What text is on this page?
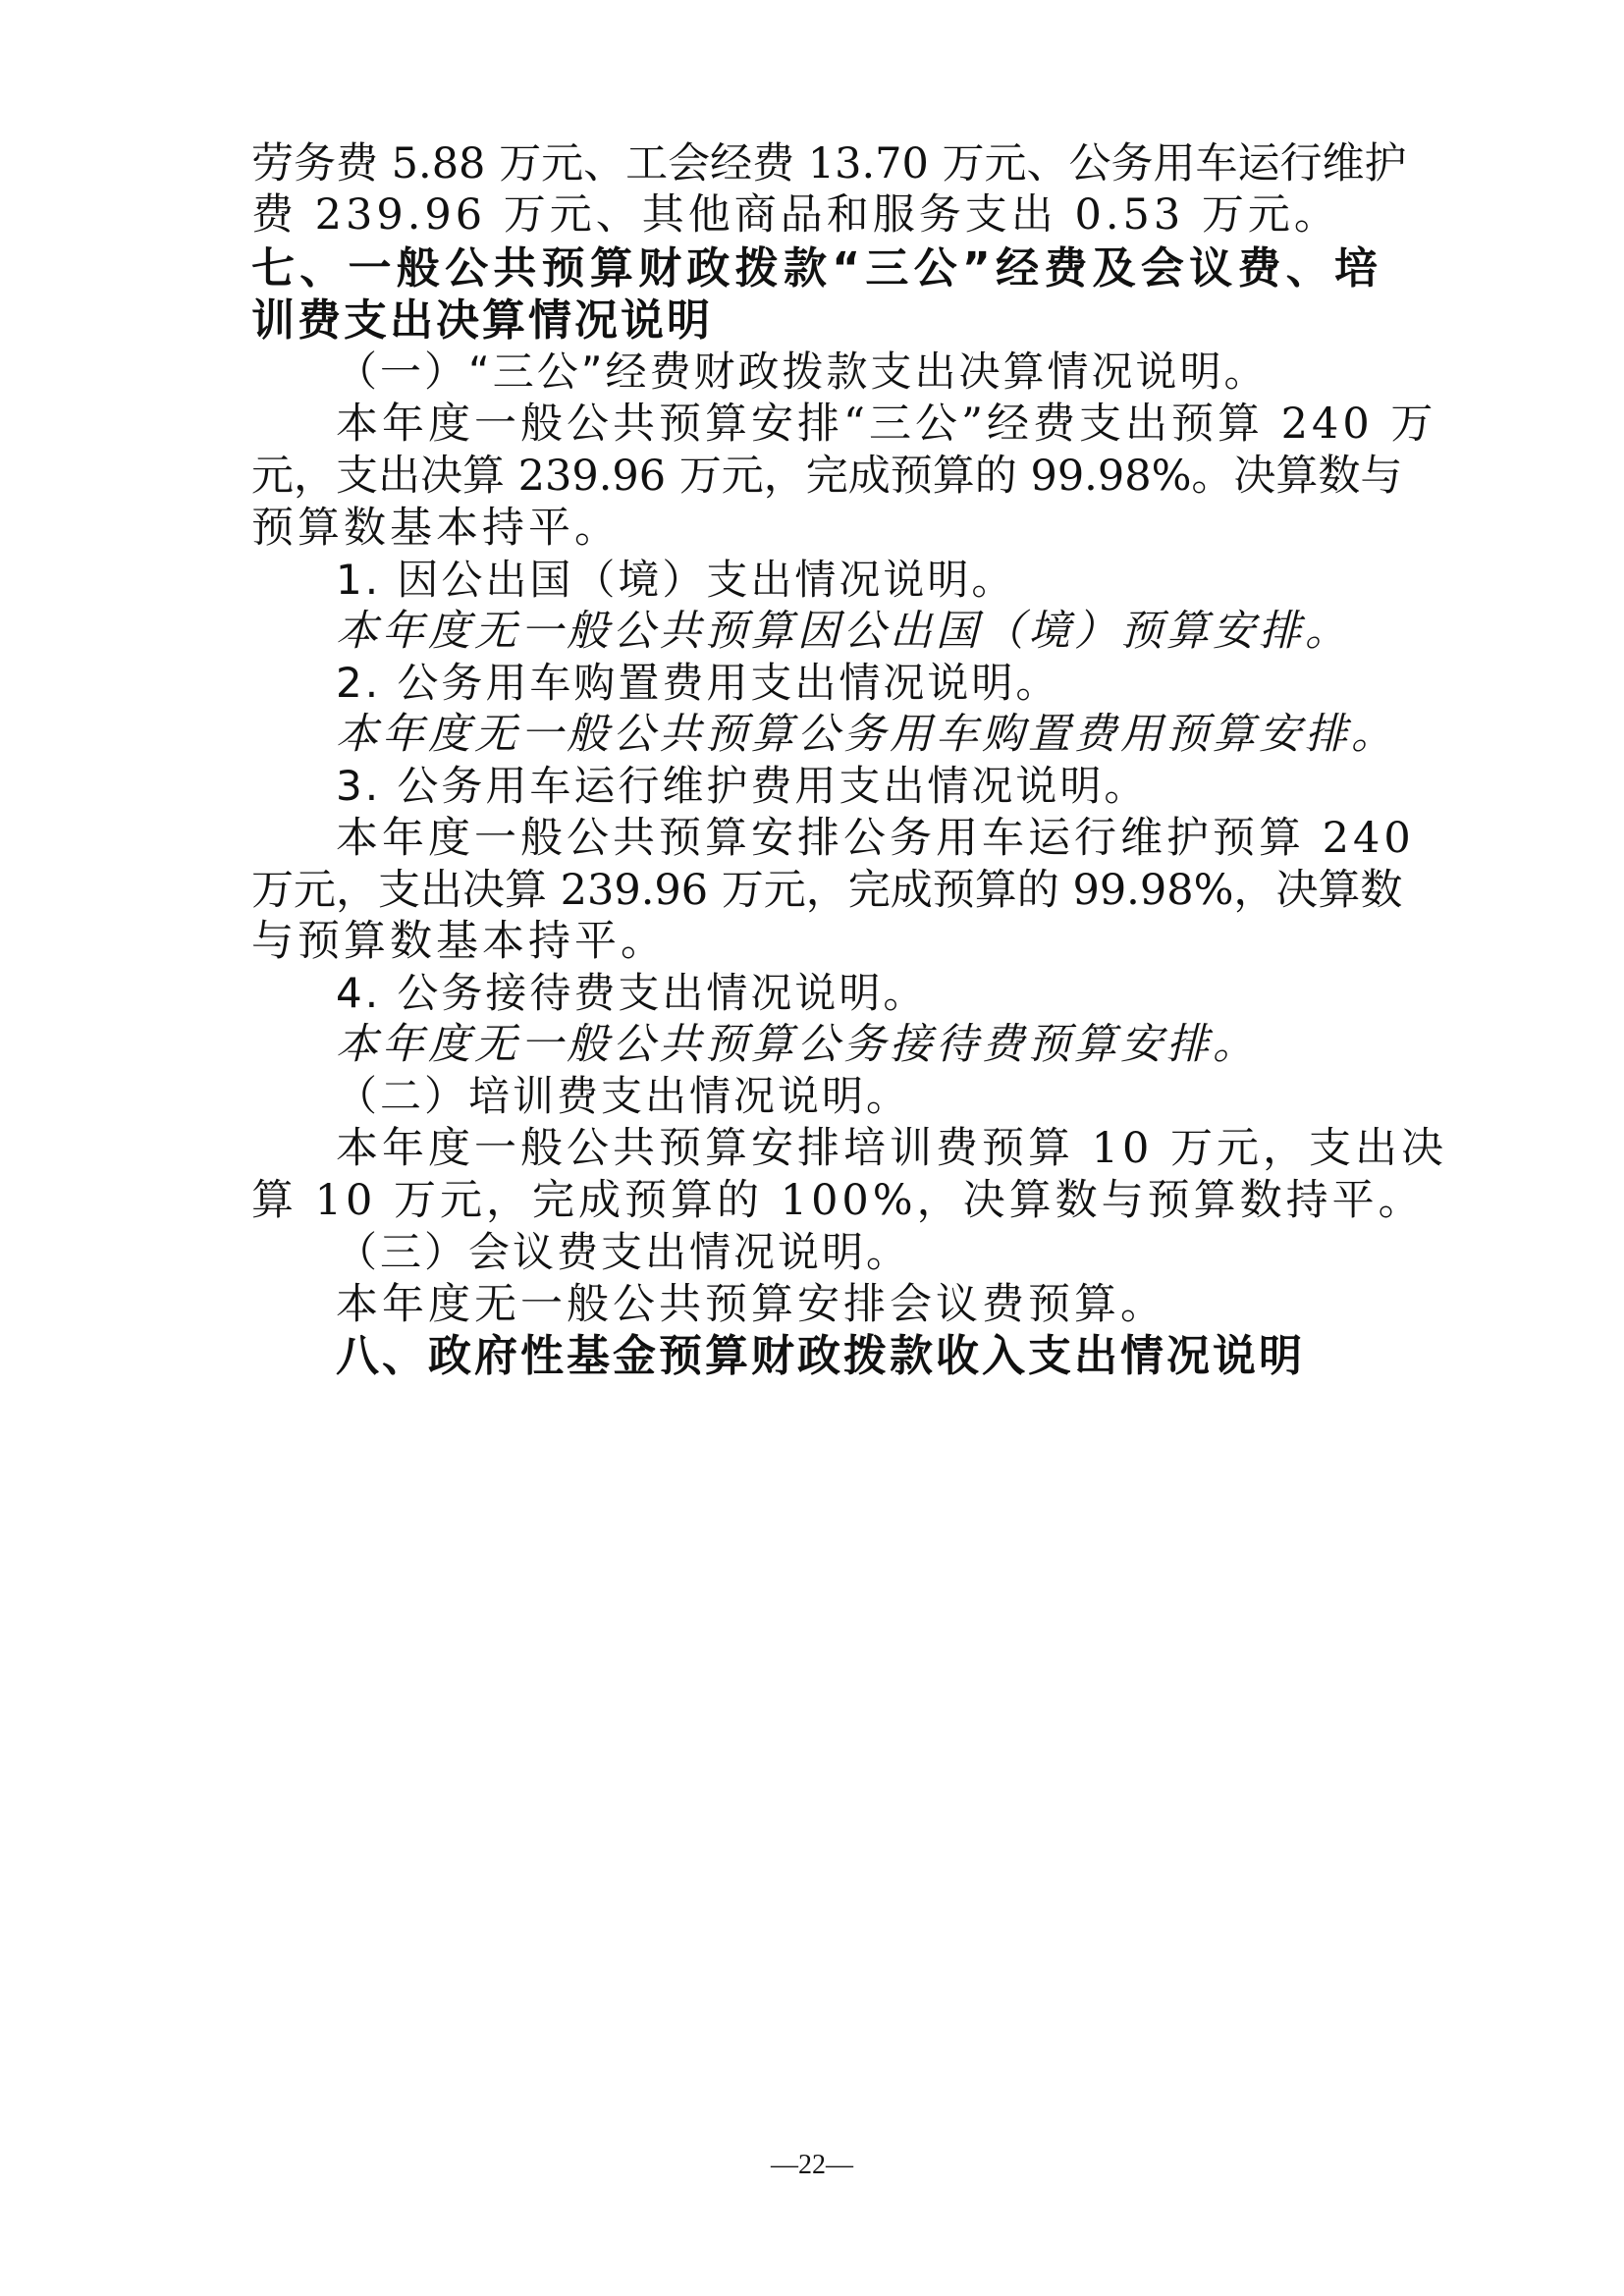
劳务费 5.88 万元、工会经费 13.70 万元、公务用车运行维护
费 239.96 万元、其他商品和服务支出 0.53 万元。
七、一般公共预算财政拨款“三公”经费及会议费、培
训费支出决算情况说明
（一）“三公”经费财政拨款支出决算情况说明。
本年度一般公共预算安排“三公”经费支出预算 240 万
元，支出决算 239.96 万元，完成预算的 99.98%。决算数与
预算数基本持平。
1. 因公出国（境）支出情况说明。
本年度无一般公共预算因公出国（境）预算安排。
2. 公务用车购置费用支出情况说明。
本年度无一般公共预算公务用车购置费用预算安排。
3. 公务用车运行维护费用支出情况说明。
本年度一般公共预算安排公务用车运行维护预算 240
万元，支出决算 239.96 万元，完成预算的 99.98%，决算数
与预算数基本持平。
4. 公务接待费支出情况说明。
本年度无一般公共预算公务接待费预算安排。
（二）培训费支出情况说明。
本年度一般公共预算安排培训费预算 10 万元，支出决
算 10 万元，完成预算的 100%，决算数与预算数持平。
（三）会议费支出情况说明。
本年度无一般公共预算安排会议费预算。
八、政府性基金预算财政拨款收入支出情况说明
—22—
